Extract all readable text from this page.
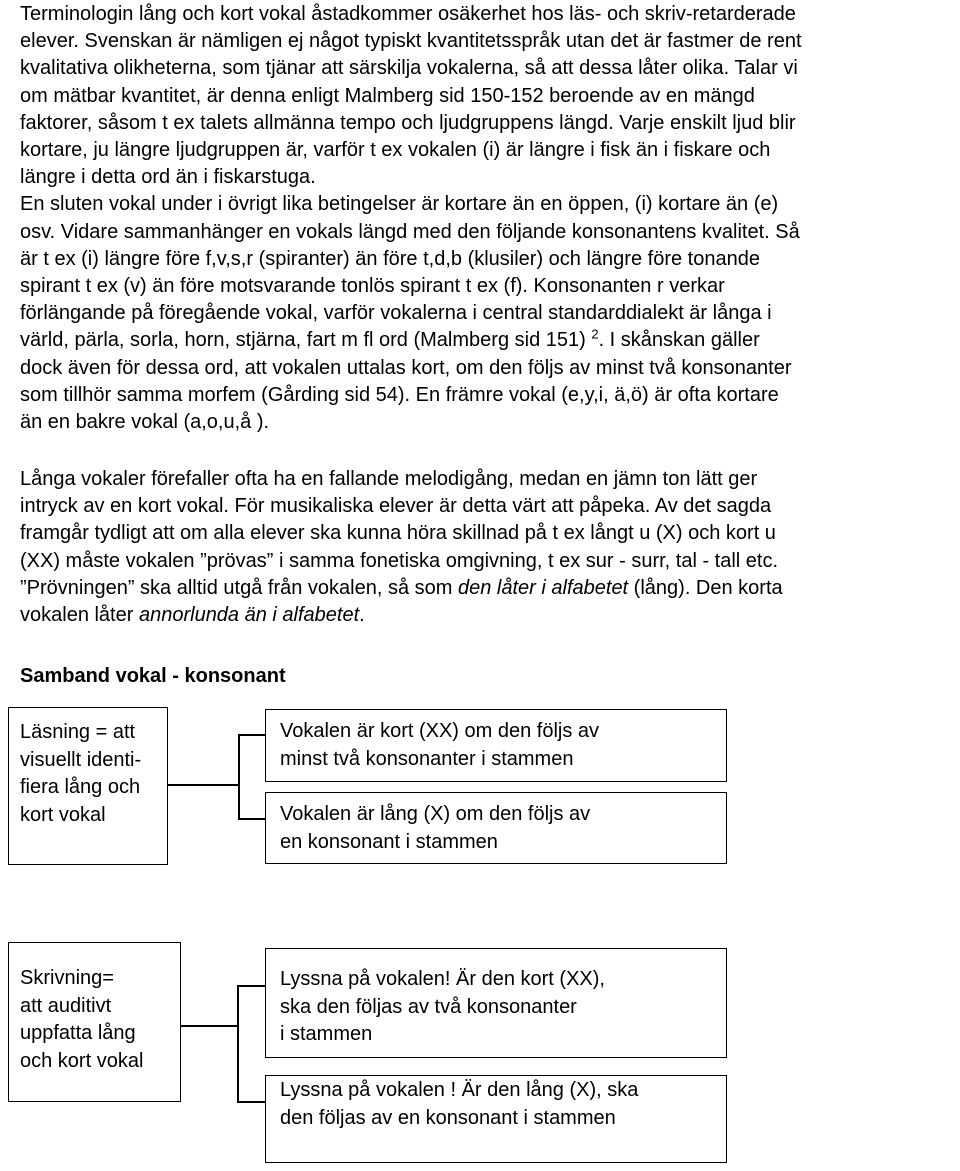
Terminologin lång och kort vokal åstadkommer osäkerhet hos läs- och skriv-retarderade
elever. Svenskan är nämligen ej något typiskt kvantitetsspråk utan det är fastmer de rent
kvalitativa olikheterna, som tjänar att särskilja vokalerna, så att dessa låter olika. Talar vi
om mätbar kvantitet, är denna enligt Malmberg sid 150-152 beroende av en mängd
faktorer, såsom t ex talets allmänna tempo och ljudgruppens längd. Varje enskilt ljud blir
kortare, ju längre ljudgruppen är, varför t ex vokalen (i) är längre i fisk än i fiskare och
längre i detta ord än i fiskarstuga.
En sluten vokal under i övrigt lika betingelser är kortare än en öppen, (i) kortare än (e)
osv. Vidare sammanhänger en vokals längd med den följande konsonantens kvalitet. Så
är t ex (i) längre före f,v,s,r (spiranter) än före t,d,b (klusiler) och längre före tonande
spirant t ex (v) än före motsvarande tonlös spirant t ex (f). Konsonanten r verkar
förlängande på föregående vokal, varför vokalerna i central standarddialekt är långa i
värld, pärla, sorla, horn, stjärna, fart m fl ord (Malmberg sid 151) $^2$. I skånskan gäller
dock även för dessa ord, att vokalen uttalas kort, om den följs av minst två konsonanter
som tillhör samma morfem (Gårding sid 54). En främre vokal (e,y,i, ä,ö) är ofta kortare
än en bakre vokal (a,o,u,å ).
Långa vokaler förefaller ofta ha en fallande melodigång, medan en jämn ton lätt ger
intryck av en kort vokal. För musikaliska elever är detta värt att påpeka. Av det sagda
framgår tydligt att om alla elever ska kunna höra skillnad på t ex långt u (X) och kort u
(XX) måste vokalen ”prövas” i samma fonetiska omgivning, t ex sur - surr, tal - tall etc.
”Prövningen” ska alltid utgå från vokalen, så som den låter i alfabetet (lång). Den korta
vokalen låter annorlunda än i alfabetet.
Samband vokal - konsonant
Läsning = att
visuellt identi-
fiera lång och
kort vokal
Vokalen är kort (XX) om den följs av
minst två konsonanter i stammen
Vokalen är lång (X) om den följs av
en konsonant i stammen
Skrivning=
att auditivt
uppfatta lång
och kort vokal
Lyssna på vokalen! Är den kort (XX),
ska den följas av två konsonanter
i stammen
Lyssna på vokalen ! Är den lång (X), ska
den följas av en konsonant i stammen
